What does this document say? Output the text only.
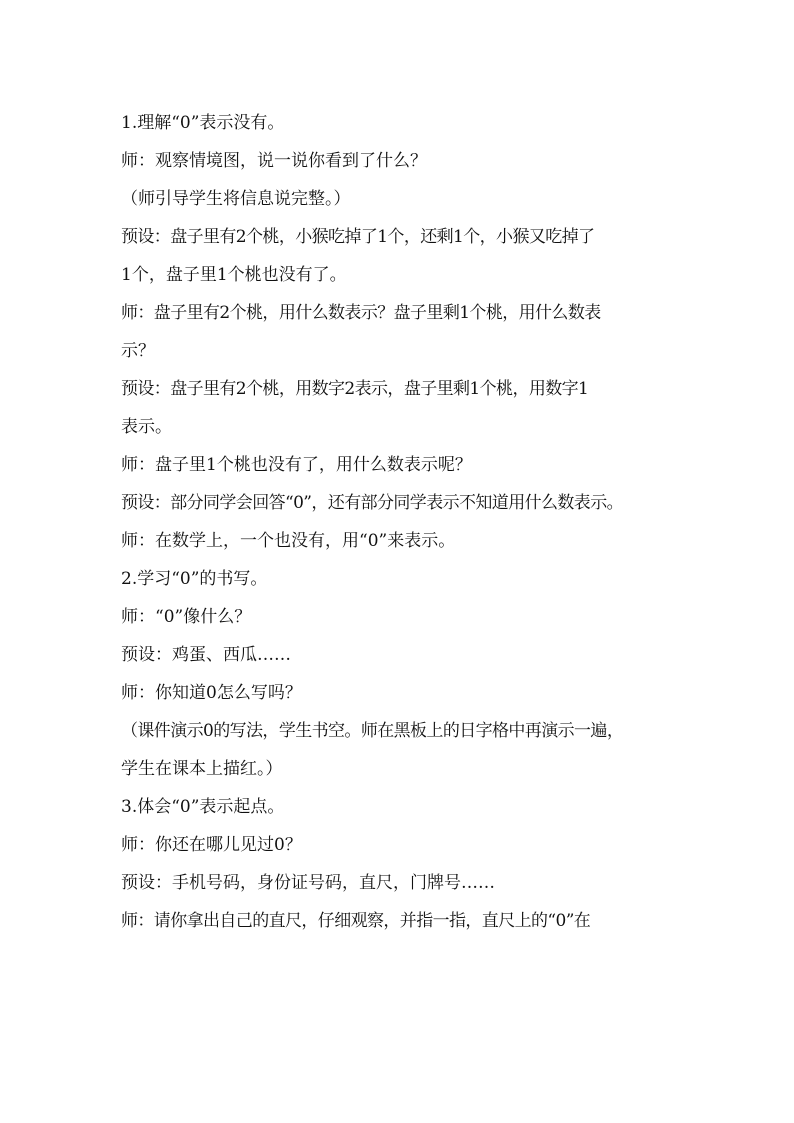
1.理解“0”表示没有。
师：观察情境图，说一说你看到了什么？
（师引导学生将信息说完整。）
预设：盘子里有2个桃，小猴吃掉了1个，还剩1个，小猴又吃掉了
1个，盘子里1个桃也没有了。
师：盘子里有2个桃，用什么数表示？盘子里剩1个桃，用什么数表
示？
预设：盘子里有2个桃，用数字2表示，盘子里剩1个桃，用数字1
表示。
师：盘子里1个桃也没有了，用什么数表示呢？
预设：部分同学会回答“0”，还有部分同学表示不知道用什么数表示。
师：在数学上，一个也没有，用“0”来表示。
2.学习“0”的书写。
师：“0”像什么？
预设：鸡蛋、西瓜……
师：你知道0怎么写吗？
（课件演示0的写法，学生书空。师在黑板上的日字格中再演示一遍，
学生在课本上描红。）
3.体会“0”表示起点。
师：你还在哪儿见过0？
预设：手机号码，身份证号码，直尺，门牌号……
师：请你拿出自己的直尺，仔细观察，并指一指，直尺上的“0”在
